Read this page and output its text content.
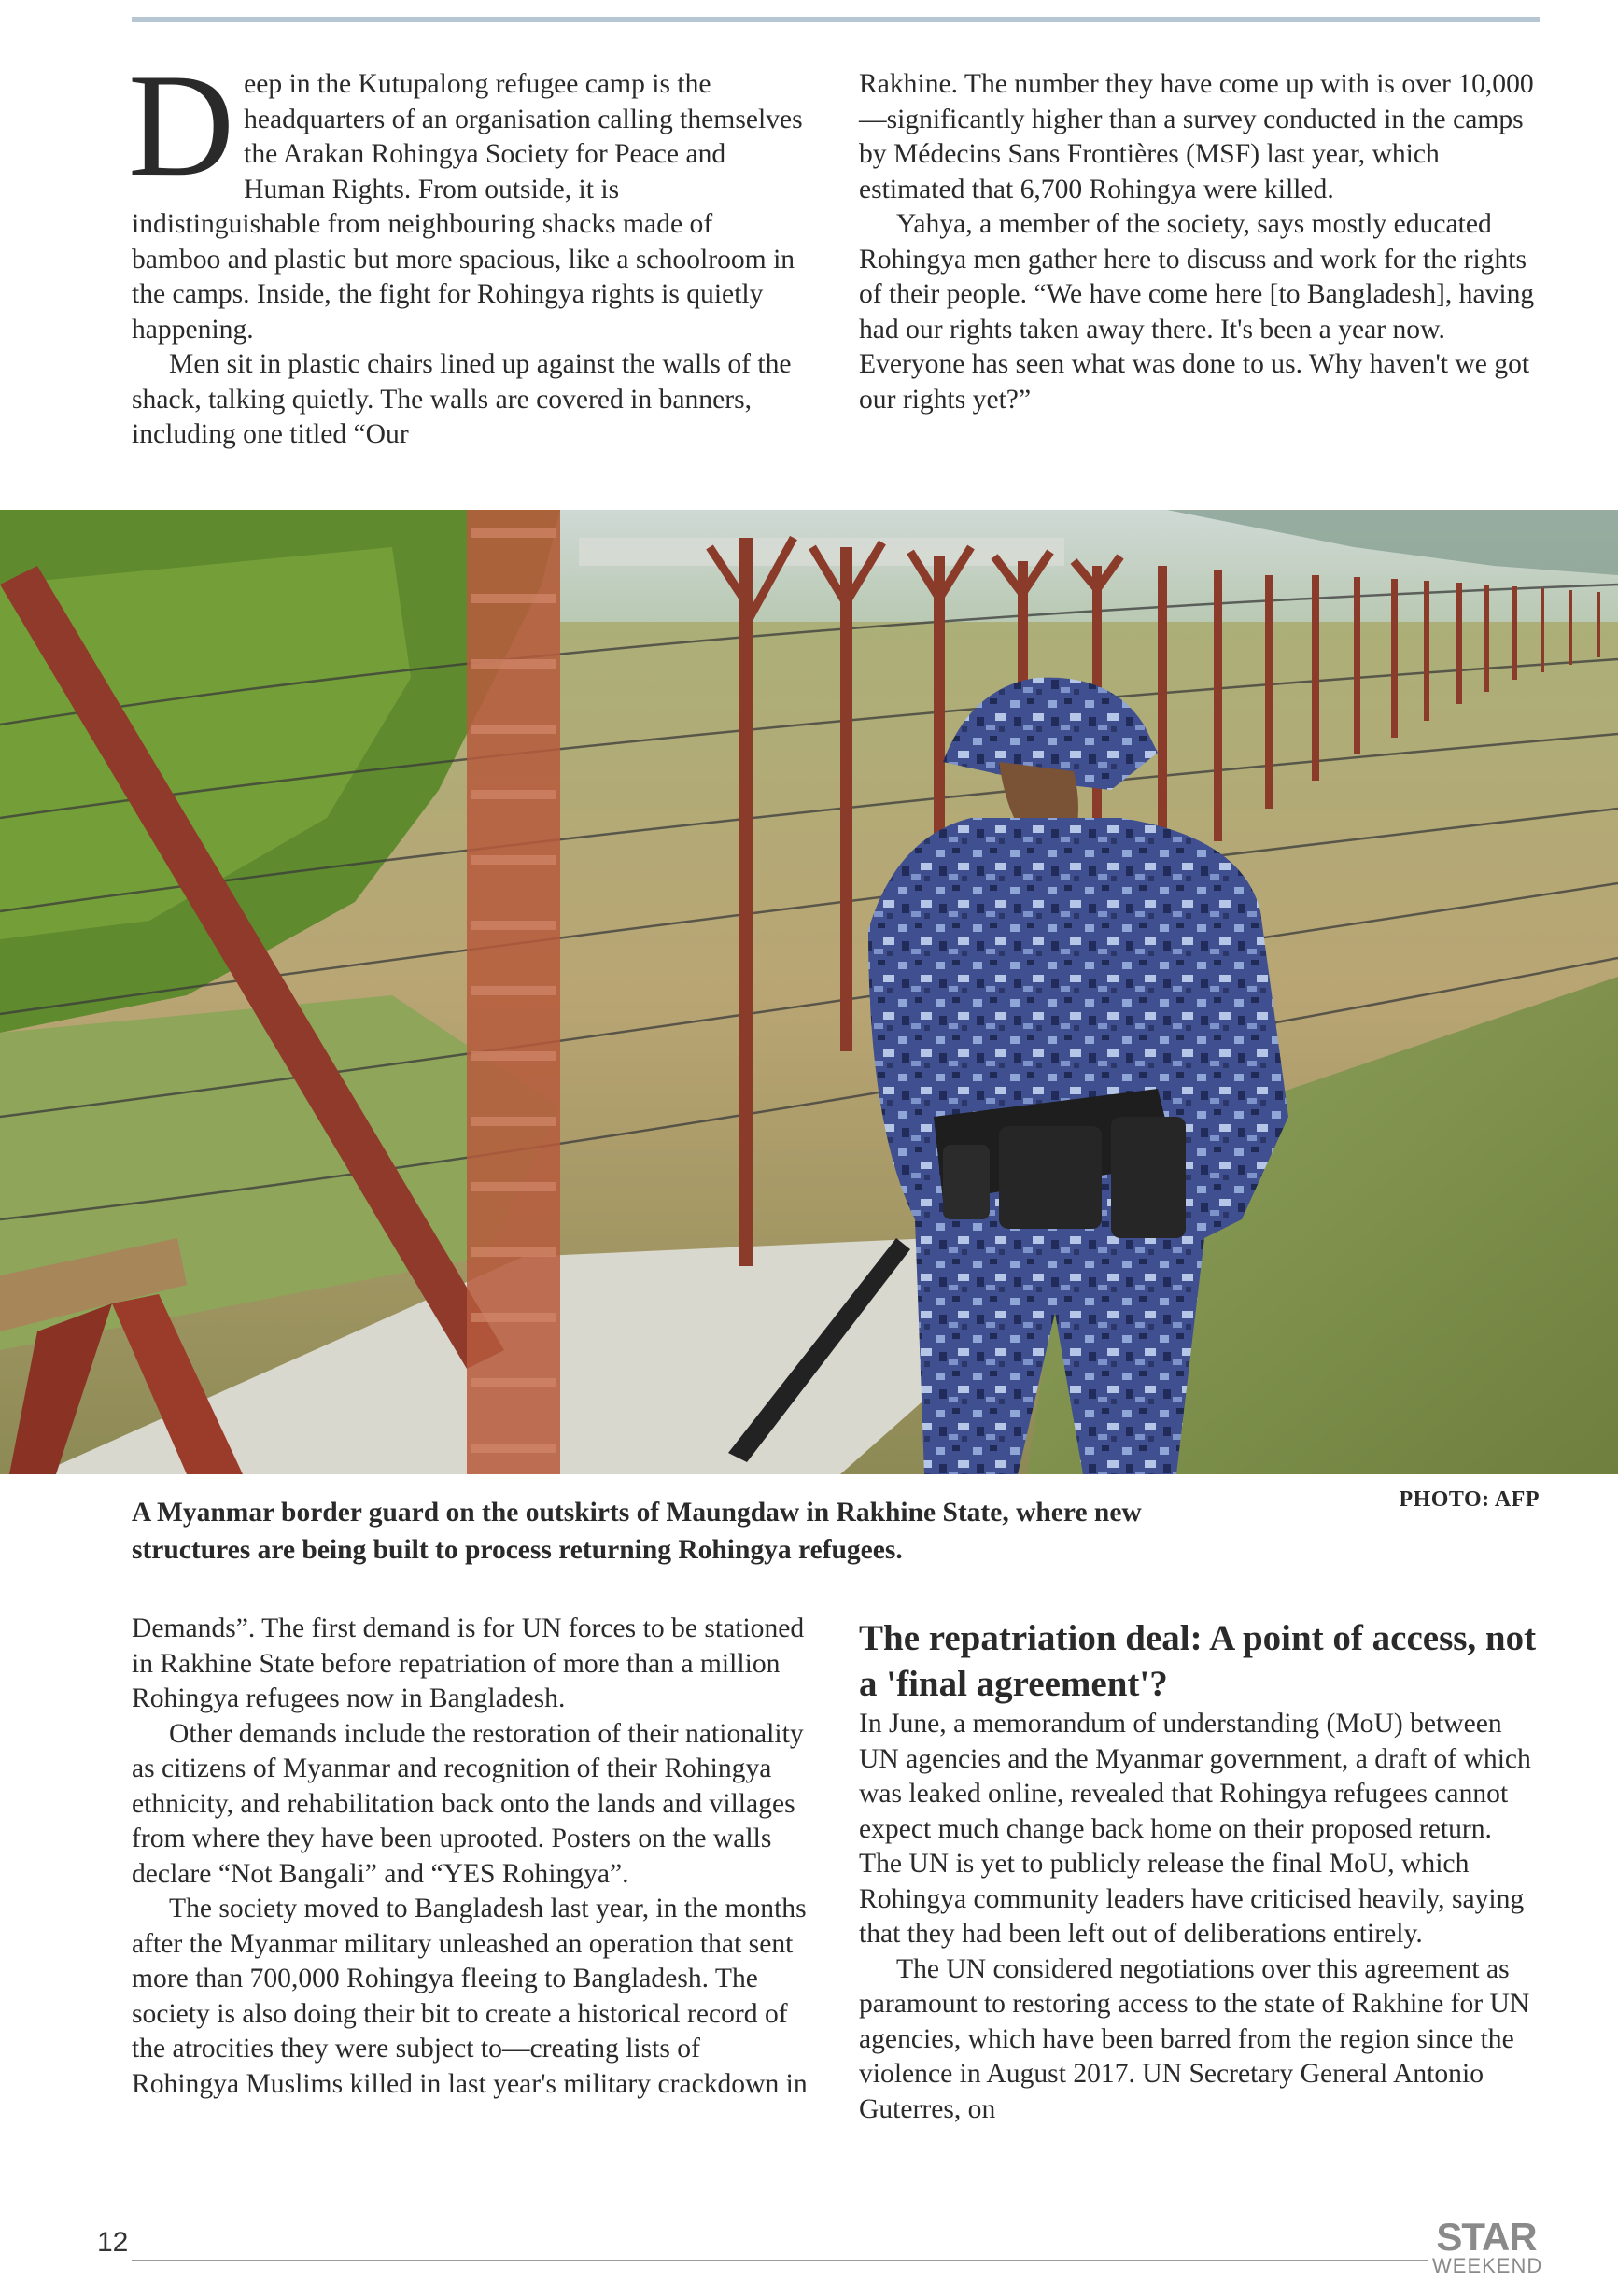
Deep in the Kutupalong refugee camp is the headquarters of an organisation calling themselves the Arakan Rohingya Society for Peace and Human Rights. From outside, it is indistinguishable from neighbouring shacks made of bamboo and plastic but more spacious, like a schoolroom in the camps. Inside, the fight for Rohingya rights is quietly happening.

Men sit in plastic chairs lined up against the walls of the shack, talking quietly. The walls are covered in banners, including one titled “Our

Rakhine. The number they have come up with is over 10,000—significantly higher than a survey conducted in the camps by Médecins Sans Frontières (MSF) last year, which estimated that 6,700 Rohingya were killed.

Yahya, a member of the society, says mostly educated Rohingya men gather here to discuss and work for the rights of their people. “We have come here [to Bangladesh], having had our rights taken away there. It's been a year now. Everyone has seen what was done to us. Why haven't we got our rights yet?”

A Myanmar border guard on the outskirts of Maungdaw in Rakhine State, where new structures are being built to process returning Rohingya refugees.
PHOTO: AFP

Demands”. The first demand is for UN forces to be stationed in Rakhine State before repatriation of more than a million Rohingya refugees now in Bangladesh.

Other demands include the restoration of their nationality as citizens of Myanmar and recognition of their Rohingya ethnicity, and rehabilitation back onto the lands and villages from where they have been uprooted. Posters on the walls declare “Not Bangali” and “YES Rohingya”.

The society moved to Bangladesh last year, in the months after the Myanmar military unleashed an operation that sent more than 700,000 Rohingya fleeing to Bangladesh. The society is also doing their bit to create a historical record of the atrocities they were subject to—creating lists of Rohingya Muslims killed in last year's military crackdown in

The repatriation deal: A point of access, not a 'final agreement'?

In June, a memorandum of understanding (MoU) between UN agencies and the Myanmar government, a draft of which was leaked online, revealed that Rohingya refugees cannot expect much change back home on their proposed return. The UN is yet to publicly release the final MoU, which Rohingya community leaders have criticised heavily, saying that they had been left out of deliberations entirely.

The UN considered negotiations over this agreement as paramount to restoring access to the state of Rakhine for UN agencies, which have been barred from the region since the violence in August 2017. UN Secretary General Antonio Guterres, on

12	STAR
WEEKEND
